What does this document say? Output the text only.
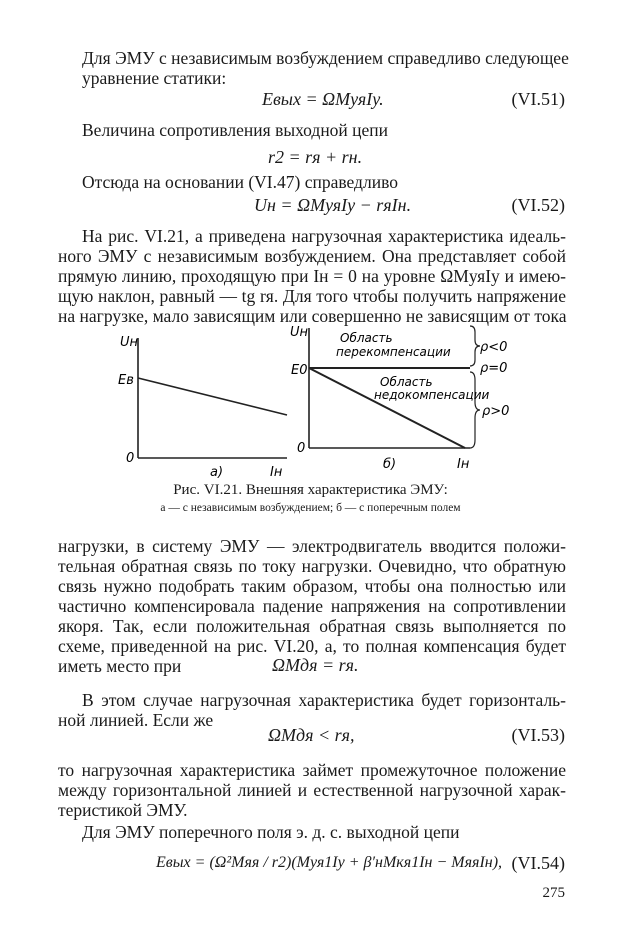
Для ЭМУ с независимым возбуждением справедливо следующее
уравнение статики:
Eвых = ΩMуяIу.	(VI.51)
Величина сопротивления выходной цепи
r2 = rя + rн.
Отсюда на основании (VI.47) справедливо
Uн = ΩMуяIу − rяIн.	(VI.52)
На рис. VI.21, а приведена нагрузочная характеристика идеаль-
ного ЭМУ с независимым возбуждением. Она представляет собой
прямую линию, проходящую при Iн = 0 на уровне ΩMуяIу и имею-
щую наклон, равный — tg rя. Для того чтобы получить напряжение
на нагрузке, мало зависящим или совершенно не зависящим от тока
Uн
Eв
0
Iн
а)
Uн
E0
0
Iн
б)
Область
перекомпенсации
Область
недокомпенсации
ρ<0
ρ=0
ρ>0
Рис. VI.21. Внешняя характеристика ЭМУ:
а — с независимым возбуждением; б — с поперечным полем
нагрузки, в систему ЭМУ — электродвигатель вводится положи-
тельная обратная связь по току нагрузки. Очевидно, что обратную
связь нужно подобрать таким образом, чтобы она полностью или
частично компенсировала падение напряжения на сопротивлении
якоря. Так, если положительная обратная связь выполняется по
схеме, приведенной на рис. VI.20, а, то полная компенсация будет
иметь место при	ΩMдя = rя.
В этом случае нагрузочная характеристика будет горизонталь-
ной линией. Если же
ΩMдя < rя,	(VI.53)
то нагрузочная характеристика займет промежуточное положение
между горизонтальной линией и естественной нагрузочной харак-
теристикой ЭМУ.
Для ЭМУ поперечного поля э. д. с. выходной цепи
Eвых = (Ω²Mяя / r2)(Mуя1Iу + β′нMкя1Iн − MяяIн), (VI.54)
275
